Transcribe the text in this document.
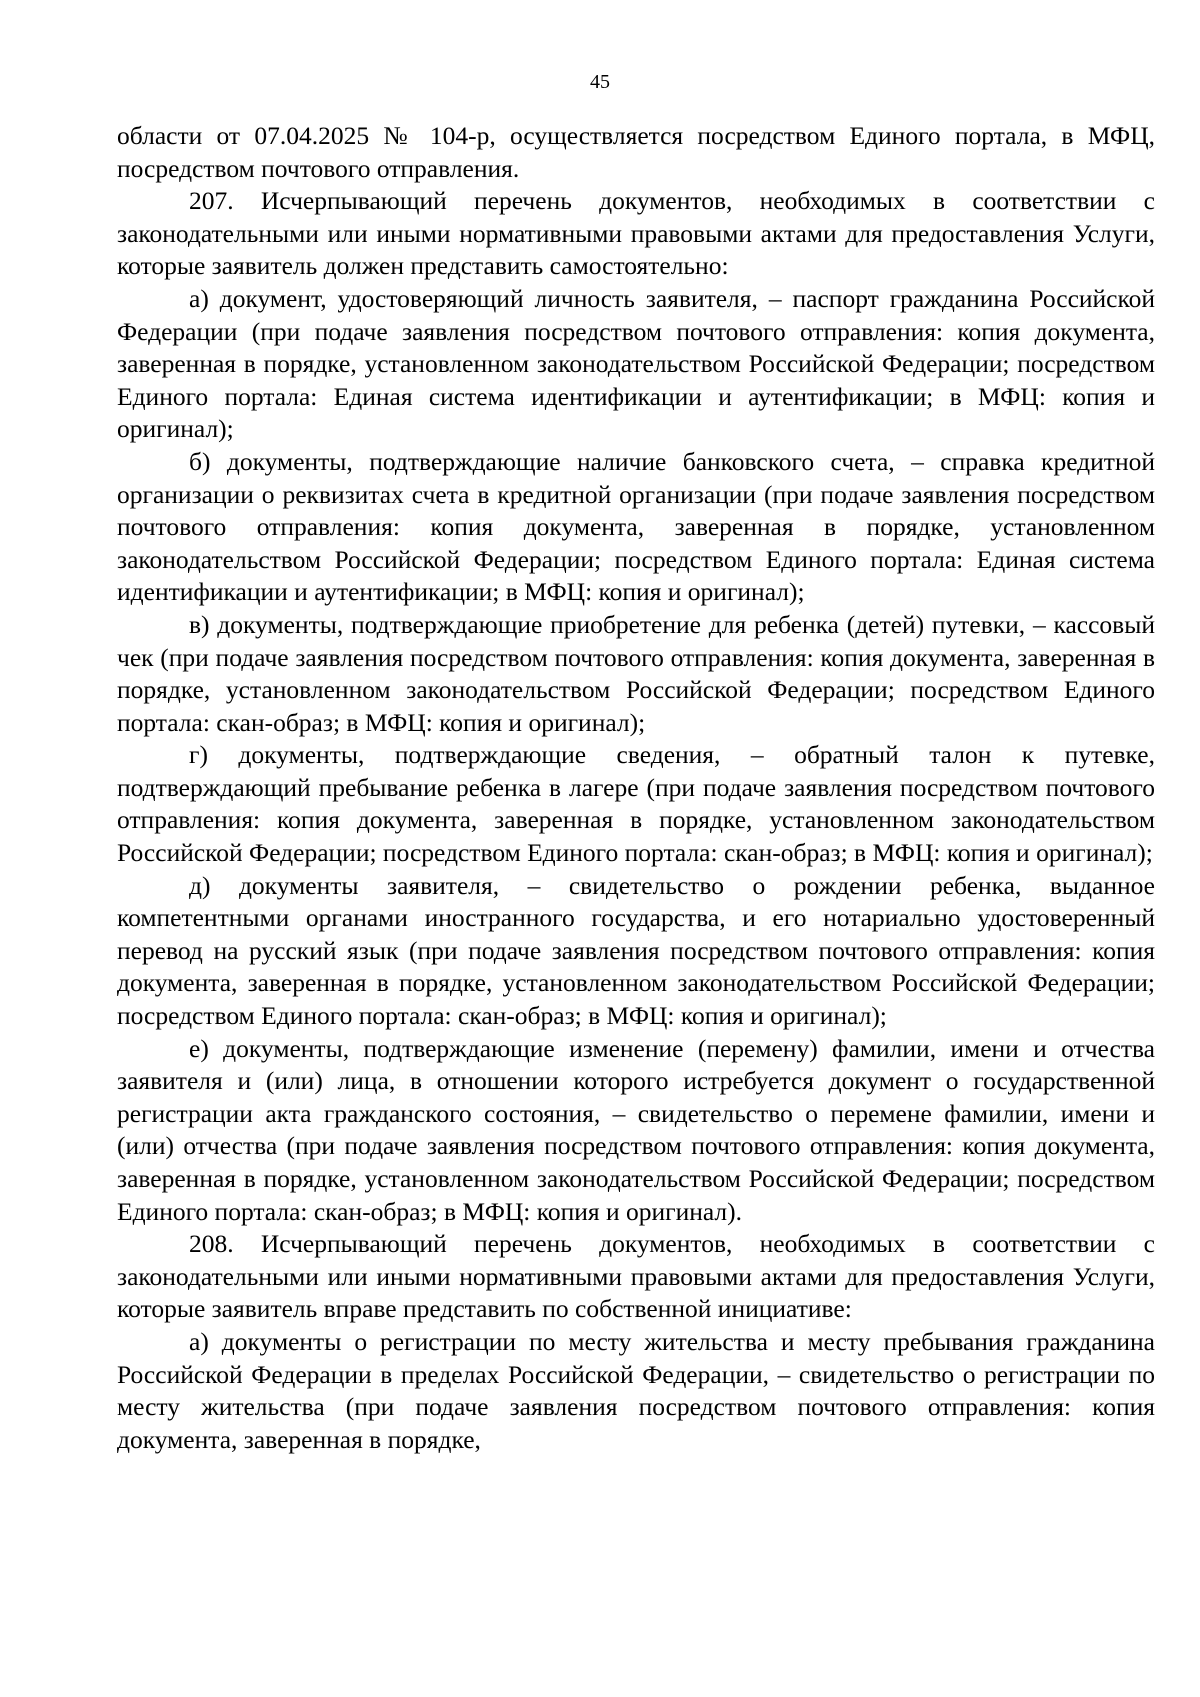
45

области от 07.04.2025 № 104-р, осуществляется посредством Единого портала, в МФЦ, посредством почтового отправления.

207. Исчерпывающий перечень документов, необходимых в соответствии с законодательными или иными нормативными правовыми актами для предоставления Услуги, которые заявитель должен представить самостоятельно:

а) документ, удостоверяющий личность заявителя, – паспорт гражданина Российской Федерации (при подаче заявления посредством почтового отправления: копия документа, заверенная в порядке, установленном законодательством Российской Федерации; посредством Единого портала: Единая система идентификации и аутентификации; в МФЦ: копия и оригинал);

б) документы, подтверждающие наличие банковского счета, – справка кредитной организации о реквизитах счета в кредитной организации (при подаче заявления посредством почтового отправления: копия документа, заверенная в порядке, установленном законодательством Российской Федерации; посредством Единого портала: Единая система идентификации и аутентификации; в МФЦ: копия и оригинал);

в) документы, подтверждающие приобретение для ребенка (детей) путевки, – кассовый чек (при подаче заявления посредством почтового отправления: копия документа, заверенная в порядке, установленном законодательством Российской Федерации; посредством Единого портала: скан-образ; в МФЦ: копия и оригинал);

г) документы, подтверждающие сведения, – обратный талон к путевке, подтверждающий пребывание ребенка в лагере (при подаче заявления посредством почтового отправления: копия документа, заверенная в порядке, установленном законодательством Российской Федерации; посредством Единого портала: скан-образ; в МФЦ: копия и оригинал);

д) документы заявителя, – свидетельство о рождении ребенка, выданное компетентными органами иностранного государства, и его нотариально удостоверенный перевод на русский язык (при подаче заявления посредством почтового отправления: копия документа, заверенная в порядке, установленном законодательством Российской Федерации; посредством Единого портала: скан-образ; в МФЦ: копия и оригинал);

е) документы, подтверждающие изменение (перемену) фамилии, имени и отчества заявителя и (или) лица, в отношении которого истребуется документ о государственной регистрации акта гражданского состояния, – свидетельство о перемене фамилии, имени и (или) отчества (при подаче заявления посредством почтового отправления: копия документа, заверенная в порядке, установленном законодательством Российской Федерации; посредством Единого портала: скан-образ; в МФЦ: копия и оригинал).

208. Исчерпывающий перечень документов, необходимых в соответствии с законодательными или иными нормативными правовыми актами для предоставления Услуги, которые заявитель вправе представить по собственной инициативе:

а) документы о регистрации по месту жительства и месту пребывания гражданина Российской Федерации в пределах Российской Федерации, – свидетельство о регистрации по месту жительства (при подаче заявления посредством почтового отправления: копия документа, заверенная в порядке,
